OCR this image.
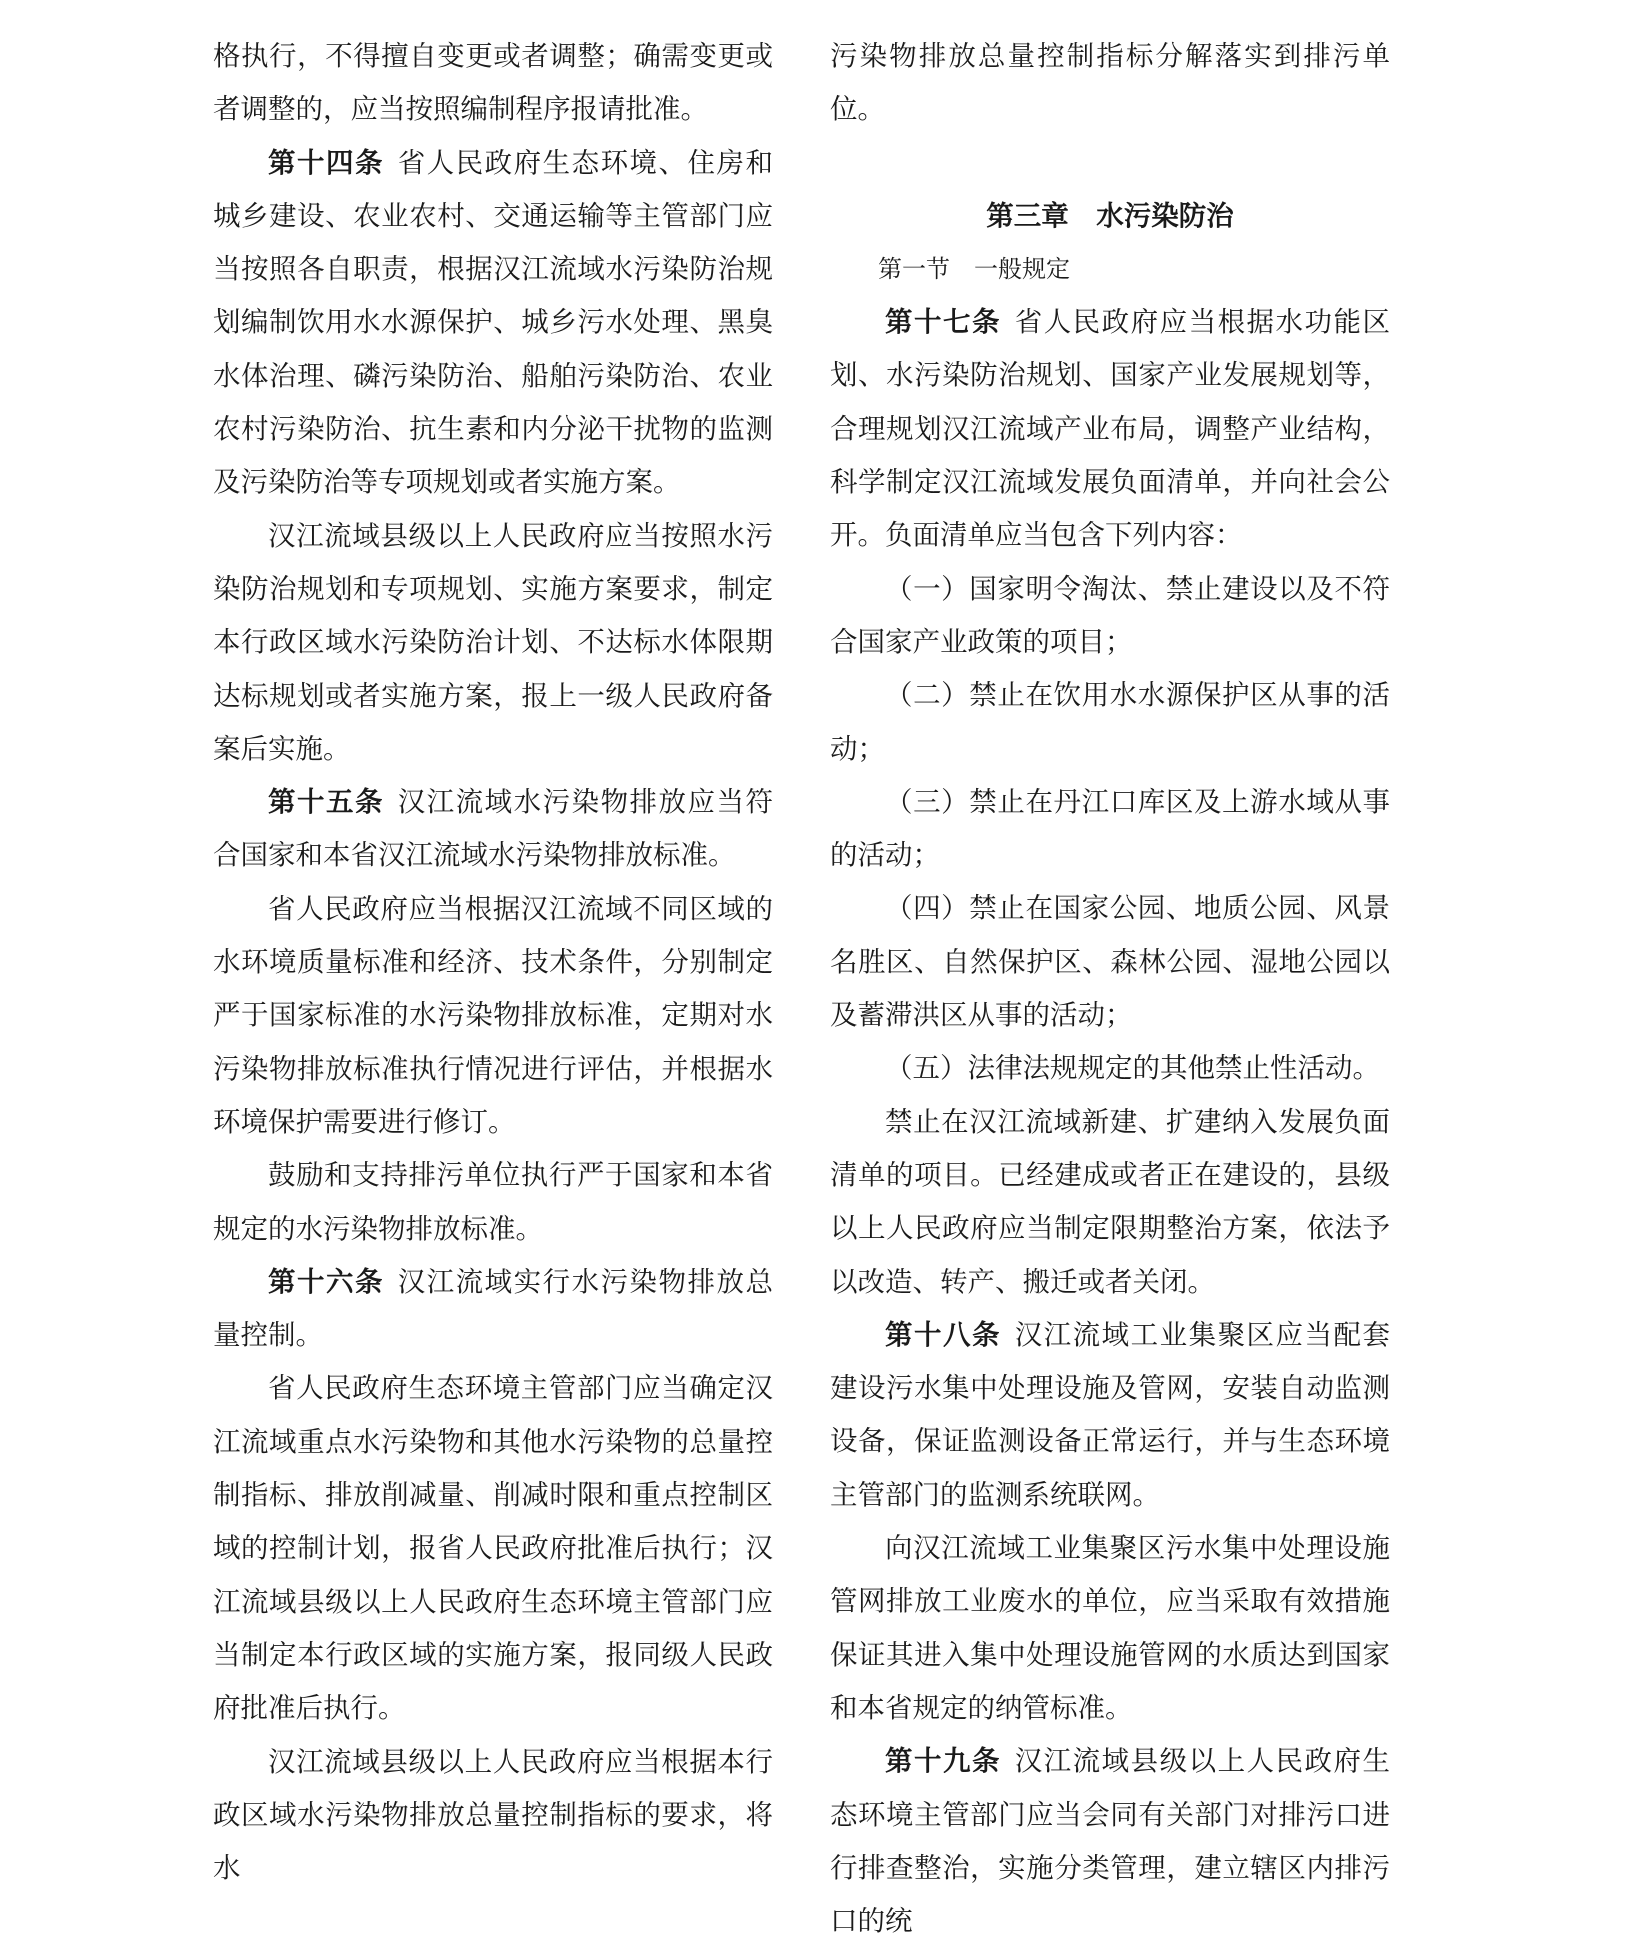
格执行，不得擅自变更或者调整；确需变更或者调整的，应当按照编制程序报请批准。

第十四条 省人民政府生态环境、住房和城乡建设、农业农村、交通运输等主管部门应当按照各自职责，根据汉江流域水污染防治规划编制饮用水水源保护、城乡污水处理、黑臭水体治理、磷污染防治、船舶污染防治、农业农村污染防治、抗生素和内分泌干扰物的监测及污染防治等专项规划或者实施方案。

汉江流域县级以上人民政府应当按照水污染防治规划和专项规划、实施方案要求，制定本行政区域水污染防治计划、不达标水体限期达标规划或者实施方案，报上一级人民政府备案后实施。

第十五条 汉江流域水污染物排放应当符合国家和本省汉江流域水污染物排放标准。

省人民政府应当根据汉江流域不同区域的水环境质量标准和经济、技术条件，分别制定严于国家标准的水污染物排放标准，定期对水污染物排放标准执行情况进行评估，并根据水环境保护需要进行修订。

鼓励和支持排污单位执行严于国家和本省规定的水污染物排放标准。

第十六条 汉江流域实行水污染物排放总量控制。

省人民政府生态环境主管部门应当确定汉江流域重点水污染物和其他水污染物的总量控制指标、排放削减量、削减时限和重点控制区域的控制计划，报省人民政府批准后执行；汉江流域县级以上人民政府生态环境主管部门应当制定本行政区域的实施方案，报同级人民政府批准后执行。

汉江流域县级以上人民政府应当根据本行政区域水污染物排放总量控制指标的要求，将水

污染物排放总量控制指标分解落实到排污单位。

第三章 水污染防治

第一节　一般规定

第十七条 省人民政府应当根据水功能区划、水污染防治规划、国家产业发展规划等，合理规划汉江流域产业布局，调整产业结构，科学制定汉江流域发展负面清单，并向社会公开。负面清单应当包含下列内容：

（一）国家明令淘汰、禁止建设以及不符合国家产业政策的项目；

（二）禁止在饮用水水源保护区从事的活动；

（三）禁止在丹江口库区及上游水域从事的活动；

（四）禁止在国家公园、地质公园、风景名胜区、自然保护区、森林公园、湿地公园以及蓄滞洪区从事的活动；

（五）法律法规规定的其他禁止性活动。

禁止在汉江流域新建、扩建纳入发展负面清单的项目。已经建成或者正在建设的，县级以上人民政府应当制定限期整治方案，依法予以改造、转产、搬迁或者关闭。

第十八条 汉江流域工业集聚区应当配套建设污水集中处理设施及管网，安装自动监测设备，保证监测设备正常运行，并与生态环境主管部门的监测系统联网。

向汉江流域工业集聚区污水集中处理设施管网排放工业废水的单位，应当采取有效措施保证其进入集中处理设施管网的水质达到国家和本省规定的纳管标准。

第十九条 汉江流域县级以上人民政府生态环境主管部门应当会同有关部门对排污口进行排查整治，实施分类管理，建立辖区内排污口的统
